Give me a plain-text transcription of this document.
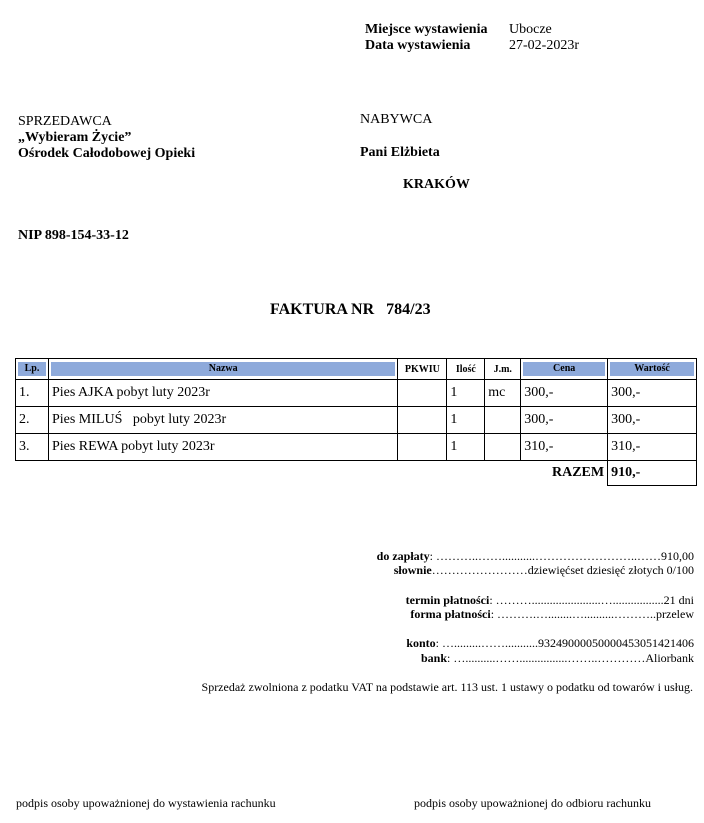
Miejsce wystawienia Ubocze
Data wystawienia	27-02-2023r
SPRZEDAWCA
„Wybieram Życie”
Ośrodek Całodobowej Opieki
NABYWCA
Pani Elżbieta
KRAKÓW
NIP 898-154-33-12
FAKTURA NR   784/23
Lp.	Nazwa	PKWIU	Ilość	J.m.	Cena	Wartość

1.	Pies AJKA pobyt luty 2023r		1	mc	300,-	300,-
2.	Pies MILUŚ   pobyt luty 2023r		1		300,-	300,-
3.	Pies REWA pobyt luty 2023r		1		310,-	310,-
					RAZEM	910,-
do zapłaty: ………..……...........……………………..……910,00
słownie……………………dziewięćset dziesięć złotych 0/100
termin płatności: ……….......................….................21 dni
forma płatności: ……….…........…..........………..przelew
konto: ….........……...........93249000050000453051421406
bank: …..........……................……..…………Aliorbank
Sprzedaż zwolniona z podatku VAT na podstawie art. 113 ust. 1 ustawy o podatku od towarów i usług.
podpis osoby upoważnionej do wystawienia rachunku	podpis osoby upoważnionej do odbioru rachunku
